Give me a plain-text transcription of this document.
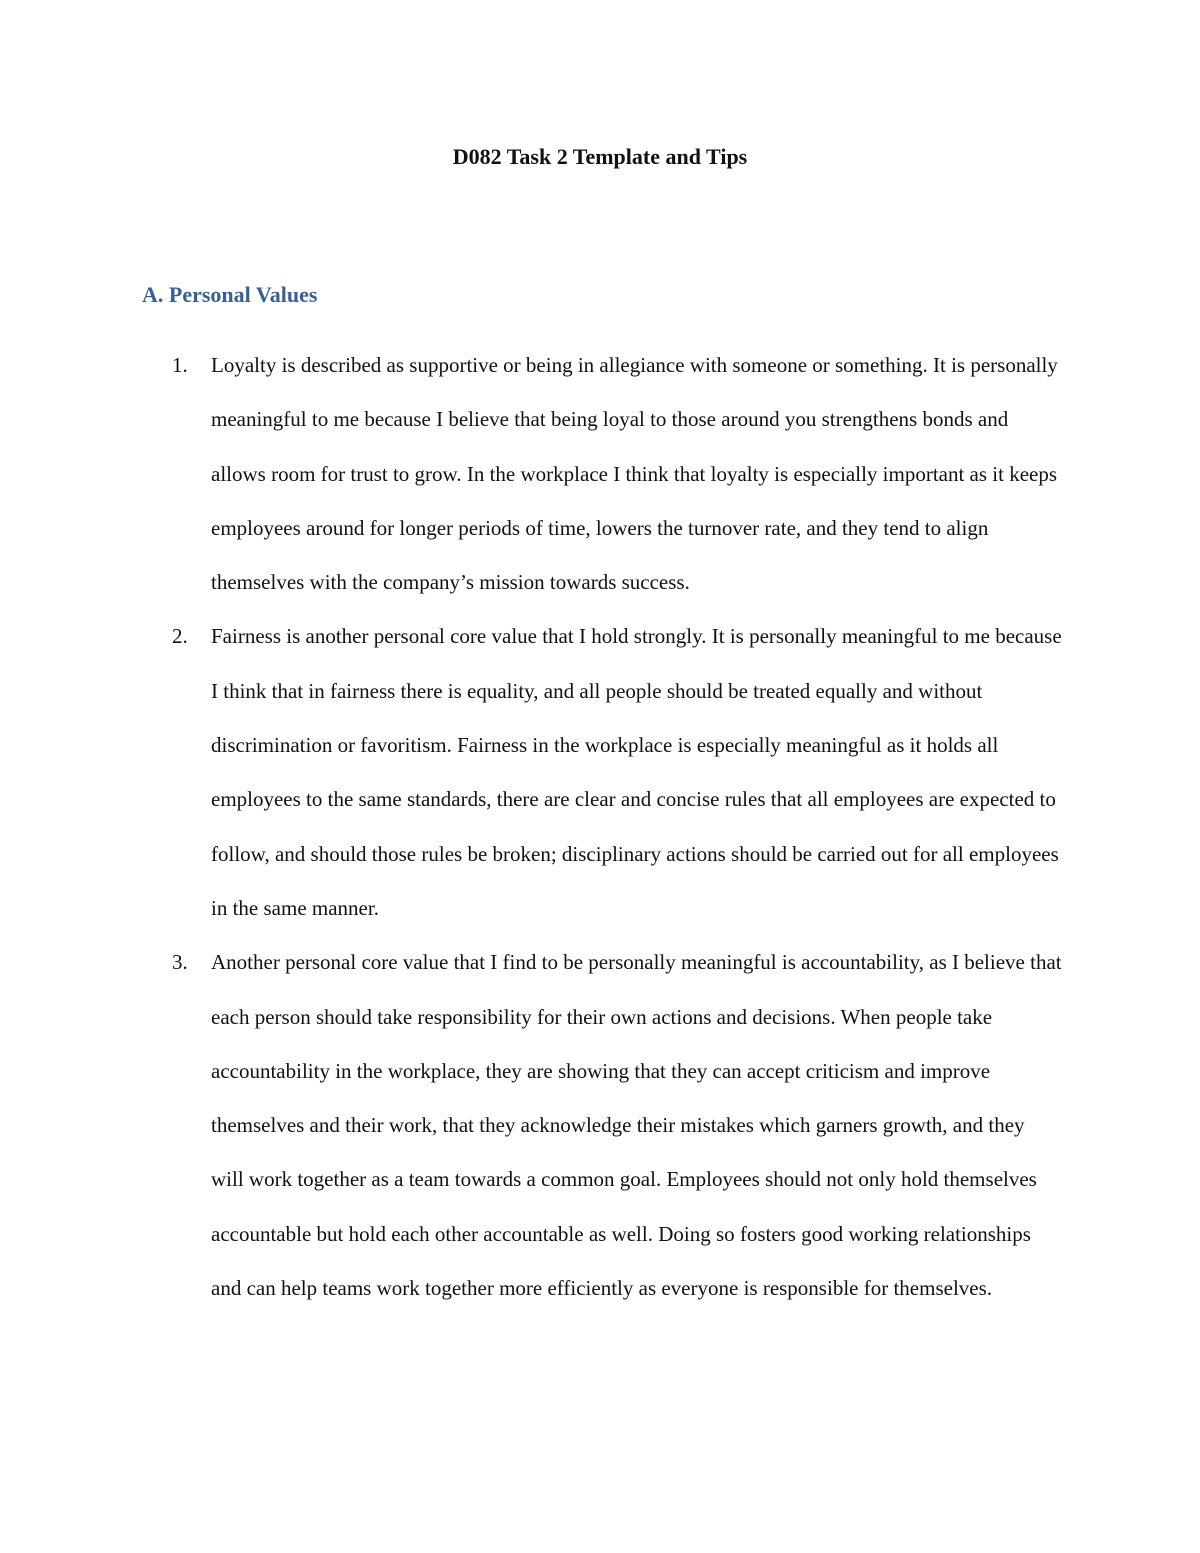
D082 Task 2 Template and Tips
A. Personal Values
1. Loyalty is described as supportive or being in allegiance with someone or something. It is personally meaningful to me because I believe that being loyal to those around you strengthens bonds and allows room for trust to grow. In the workplace I think that loyalty is especially important as it keeps employees around for longer periods of time, lowers the turnover rate, and they tend to align themselves with the company’s mission towards success.
2. Fairness is another personal core value that I hold strongly. It is personally meaningful to me because I think that in fairness there is equality, and all people should be treated equally and without discrimination or favoritism. Fairness in the workplace is especially meaningful as it holds all employees to the same standards, there are clear and concise rules that all employees are expected to follow, and should those rules be broken; disciplinary actions should be carried out for all employees in the same manner.
3. Another personal core value that I find to be personally meaningful is accountability, as I believe that each person should take responsibility for their own actions and decisions. When people take accountability in the workplace, they are showing that they can accept criticism and improve themselves and their work, that they acknowledge their mistakes which garners growth, and they will work together as a team towards a common goal. Employees should not only hold themselves accountable but hold each other accountable as well. Doing so fosters good working relationships and can help teams work together more efficiently as everyone is responsible for themselves.
